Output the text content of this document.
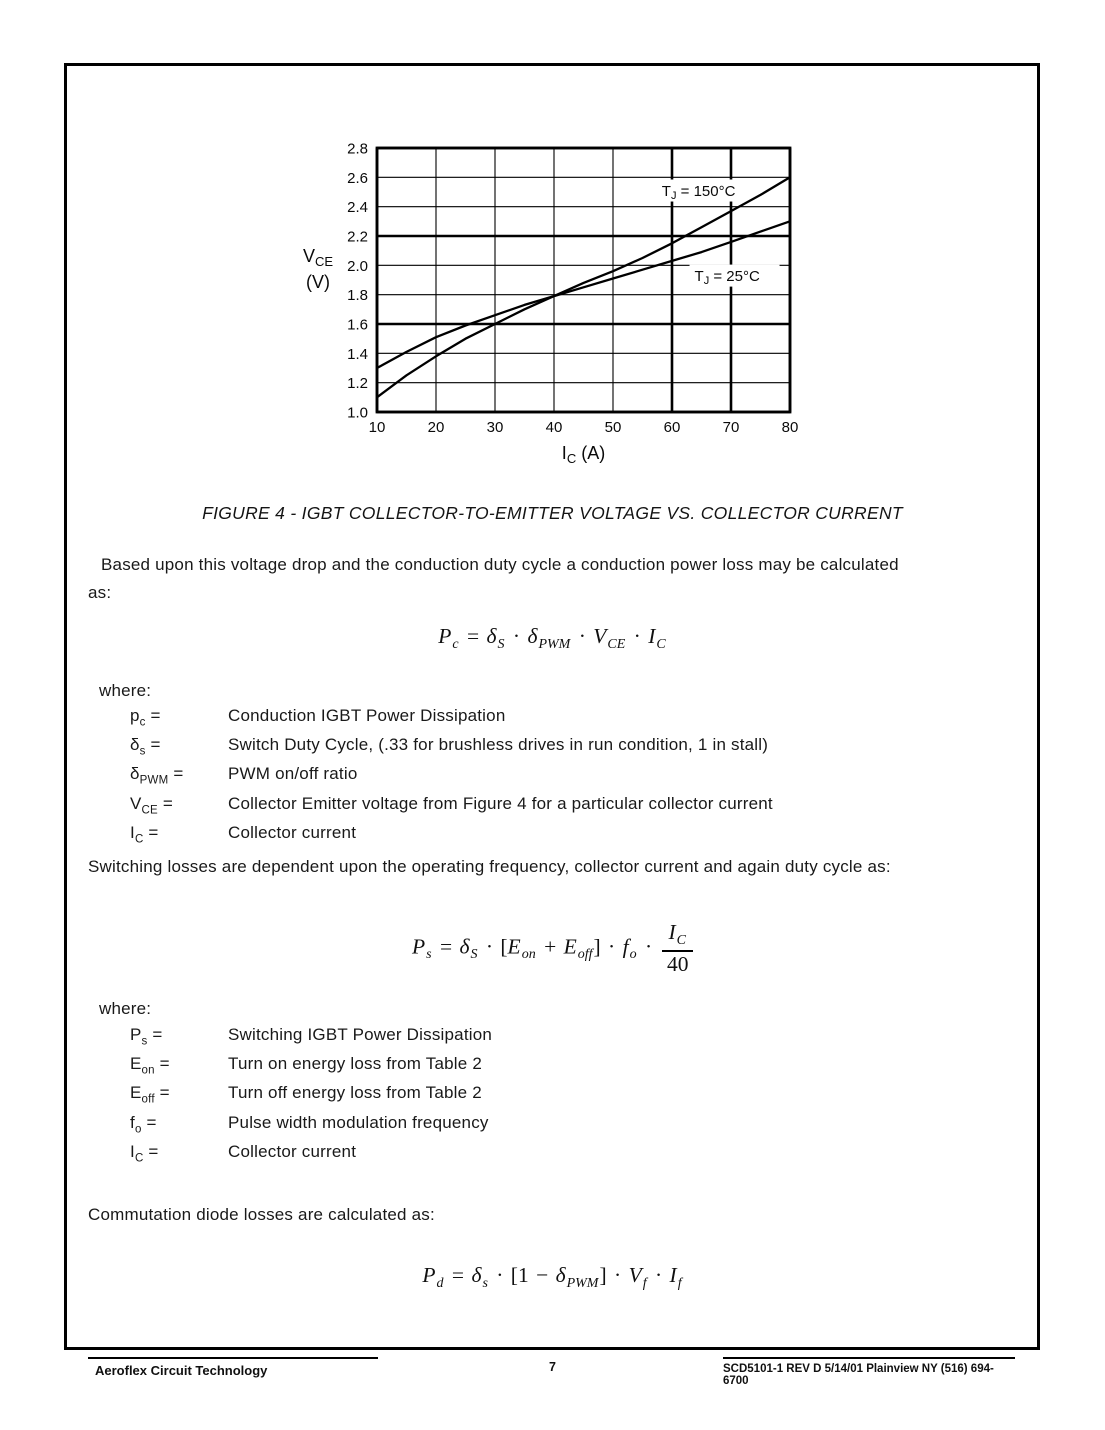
$T_J = 150^\circ C$
$T_J = 25^\circ C$
1.0
1.2
1.4
1.6
1.8
2.0
2.2
2.4
2.6
2.8
10	20	30	40	50	60	70	80
$I_C$ (A)
$V_{CE}$
(V)
FIGURE 4 - IGBT COLLECTOR-TO-EMITTER VOLTAGE VS. COLLECTOR CURRENT
Based upon this voltage drop and the conduction duty cycle a conduction power loss may be calculated
as:
$P_c = \delta_S \cdot \delta_{PWM} \cdot V_{CE} \cdot I_C$
where:
$p_c$ =	Conduction IGBT Power Dissipation
$\delta_s$ =	Switch Duty Cycle, (.33 for brushless drives in run condition, 1 in stall)
$\delta_{PWM}$ =	PWM on/off ratio
$V_{CE}$ =	Collector Emitter voltage from Figure 4 for a particular collector current
$I_C$ =	Collector current
Switching losses are dependent upon the operating frequency, collector current and again duty cycle as:
$P_s = \delta_S \cdot [E_{on} + E_{off}] \cdot f_o \cdot \frac{I_C}{40}$
where:
$P_s$ =	Switching IGBT Power Dissipation
$E_{on}$ =	Turn on energy loss from Table 2
$E_{off}$ =	Turn off energy loss from Table 2
$f_o$ =	Pulse width modulation frequency
$I_C$ =	Collector current
Commutation diode losses are calculated as:
$P_d = \delta_s \cdot [1 - \delta_{PWM}] \cdot V_f \cdot I_f$
Aeroflex Circuit Technology	7	SCD5101-1 REV D 5/14/01 Plainview NY (516) 694-6700
